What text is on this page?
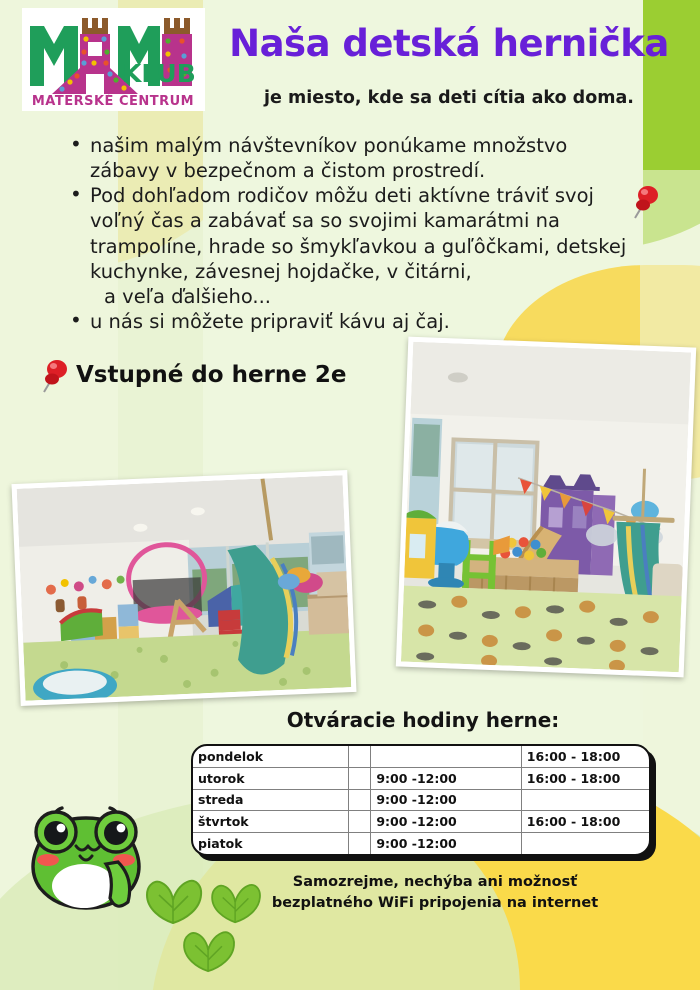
KLUB
MATERSKÉ CENTRUM
Naša detská hernička
je miesto, kde sa deti cítia ako doma.
• našim malým návštevníkov ponúkame množstvo zábavy v bezpečnom a čistom prostredí.
• Pod dohľadom rodičov môžu deti aktívne tráviť svoj voľný čas a zabávať sa so svojimi kamarátmi na trampolíne, hrade so šmykľavkou a guľôčkami, detskej kuchynke, závesnej hojdačke, v čitárni,
a veľa ďalšieho...
• u nás si môžete pripraviť kávu aj čaj.
Vstupné do herne 2e
Otváracie hodiny herne:
pondelok			16:00 - 18:00
utorok		9:00 -12:00	16:00 - 18:00
streda		9:00 -12:00	
štvrtok		9:00 -12:00	16:00 - 18:00
piatok		9:00 -12:00	
Samozrejme, nechýba ani možnosť
bezplatného WiFi pripojenia na internet
